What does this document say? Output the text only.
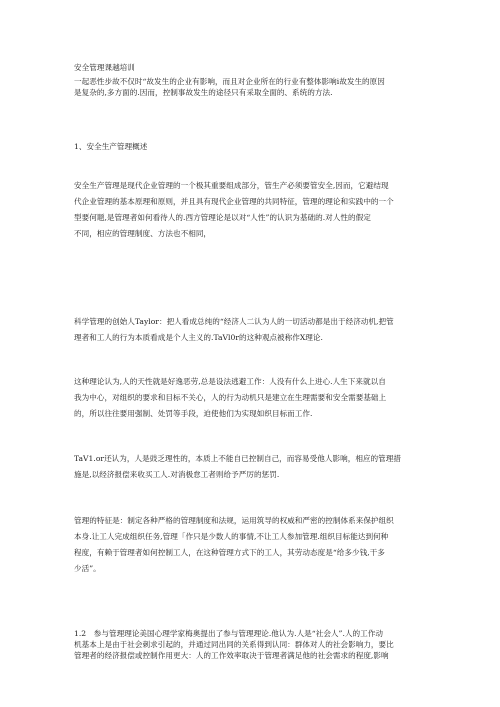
安全管理课越培训
一起恶性步故不仅时“故发生的企业有影响，而且对企业所在的行业有整体影响i故发生的原因
是复杂的,多方面的.因而，控制事故发生的途径只有采取全面的、系统的方法.
1、安全生产管理概述
安全生产管理是现代企业管理的一个极其重要组成部分，管生产必须要管安全,因而，它避结现
代企业管理的基本原理和原则，并且具有现代企业管理的共同特征，管理的理论和实践中的一个
型要何题,是管理者如何看待人的.西方管理论是以对“人性”的认识为基础的.对人性的假定
不同，相应的管理制度、方法也不相同，
科学管理的创始人Taylor：把人看成总纯的“经济人二认为人的一切活动都是出于经济动机,把管
理者和工人的行为本质看成是个人主义的.TaVl0r的这种观点被称作X理论.
这种理论认为,人的天性就是好逸恶劳,总是设法逃避工作：人没有什么上进心.人生下来就以自
我为中心，对组织的要求和目标不关心，人的行为动机只是建立在生理需要和安全需要基础上
的，所以往往要用强制、处罚等手段，迫使他们为实现如织目标而工作.
TaV1.or还认为，人是豉乏理性的，本质上不能自已控制自己，而容易受他人影响，相应的管理措
施是,以经济报偿来收买工人.对消极怠工者则给予严厉的惩罚.
管理的特征是：制定各种严格的管理制度和法规，运用筑导的权威和严密的控制体系来保护组织
本身.让工人完成组织任务,管理「作只是少数人的事情,不让工人参加管理.组织目标能达到何种
程度，有赖于管理者如何控制工人，在这种管理方式下的工人，其劳动态度是“给多少钱,干多
少活”。
1.2　参与管理理论美国心理学家梅奥提出了参与管理理论.他认为.人是“社会人”.人的工作动
机基本上是由于社会刺求引起的，并通过同出同的关系得到认同：群体对人的社会影响力，要比
管理者的经济报偿或控制作用更大：人的工作效率取决于管理者满足他的社会需求的程度,影响
